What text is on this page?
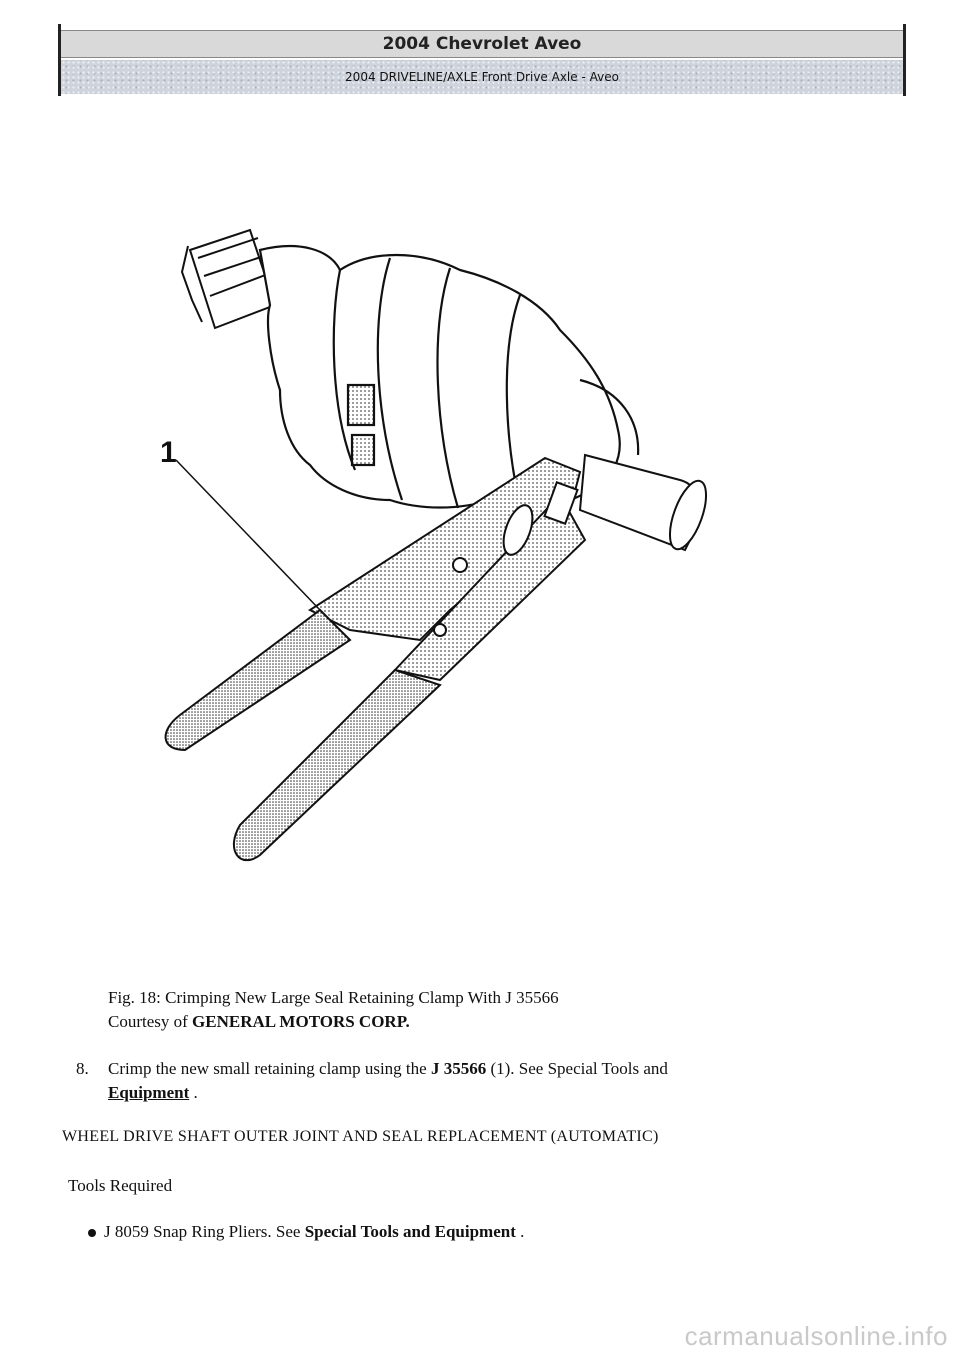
2004 Chevrolet Aveo
2004 DRIVELINE/AXLE Front Drive Axle - Aveo
1
Fig. 18: Crimping New Large Seal Retaining Clamp With J 35566
Courtesy of GENERAL MOTORS CORP.
8. Crimp the new small retaining clamp using the J 35566 (1). See Special Tools and
Equipment .
WHEEL DRIVE SHAFT OUTER JOINT AND SEAL REPLACEMENT (AUTOMATIC)
Tools Required
J 8059 Snap Ring Pliers. See Special Tools and Equipment .
carmanualsonline.info
